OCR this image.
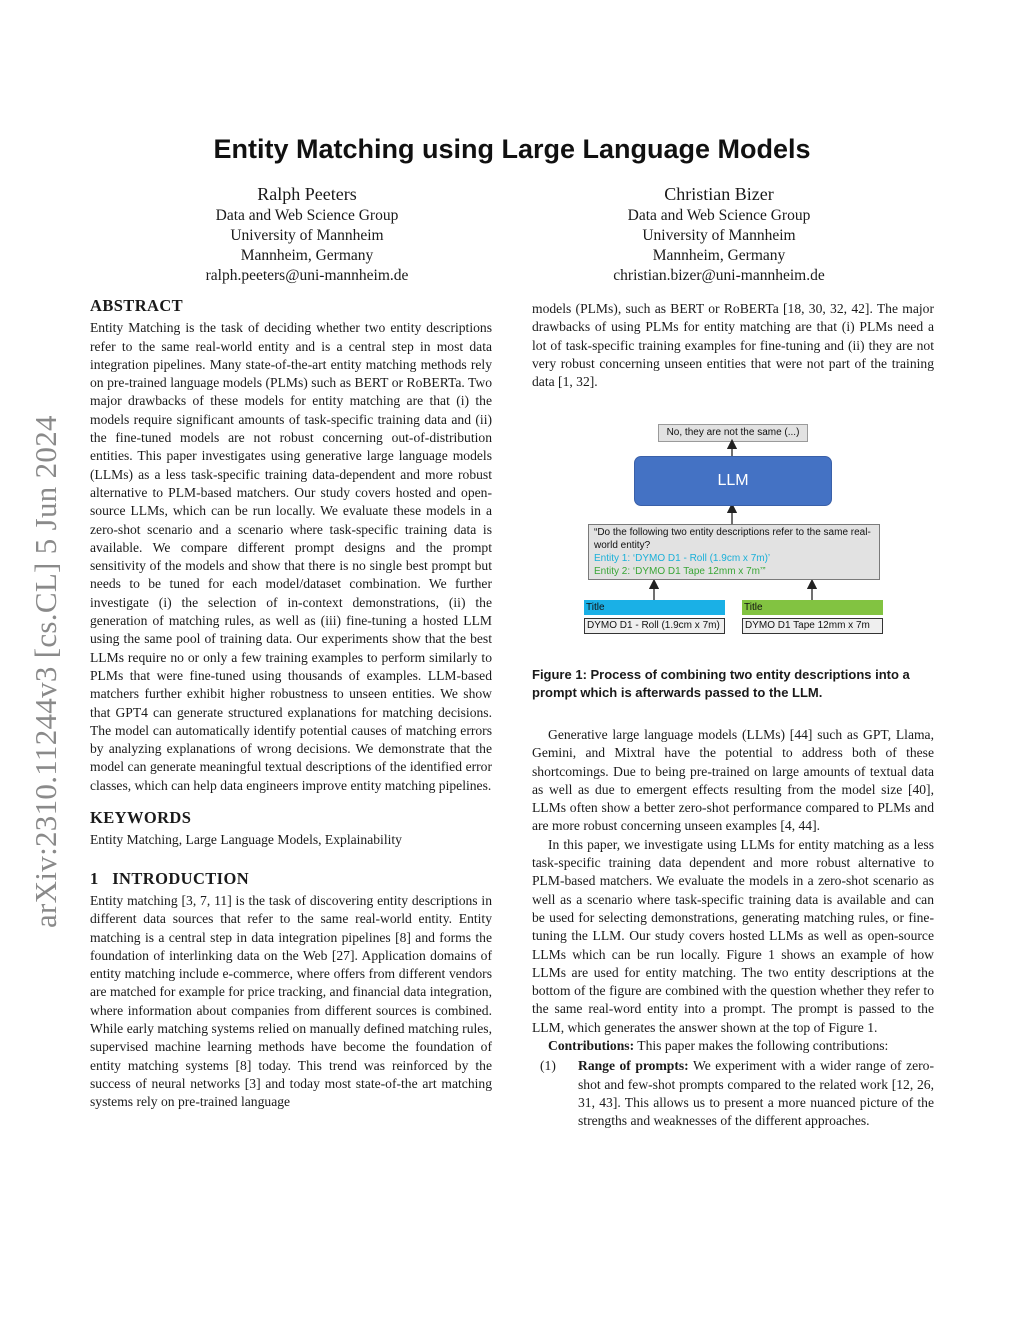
arXiv:2310.11244v3 [cs.CL] 5 Jun 2024
Entity Matching using Large Language Models
Ralph Peeters
Data and Web Science Group
University of Mannheim
Mannheim, Germany
ralph.peeters@uni-mannheim.de
Christian Bizer
Data and Web Science Group
University of Mannheim
Mannheim, Germany
christian.bizer@uni-mannheim.de
ABSTRACT

Entity Matching is the task of deciding whether two entity descriptions refer to the same real-world entity and is a central step in most data integration pipelines. Many state-of-the-art entity matching methods rely on pre-trained language models (PLMs) such as BERT or RoBERTa. Two major drawbacks of these models for entity matching are that (i) the models require significant amounts of task-specific training data and (ii) the fine-tuned models are not robust concerning out-of-distribution entities. This paper investigates using generative large language models (LLMs) as a less task-specific training data-dependent and more robust alternative to PLM-based matchers. Our study covers hosted and open-source LLMs, which can be run locally. We evaluate these models in a zero-shot scenario and a scenario where task-specific training data is available. We compare different prompt designs and the prompt sensitivity of the models and show that there is no single best prompt but needs to be tuned for each model/dataset combination. We further investigate (i) the selection of in-context demonstrations, (ii) the generation of matching rules, as well as (iii) fine-tuning a hosted LLM using the same pool of training data. Our experiments show that the best LLMs require no or only a few training examples to perform similarly to PLMs that were fine-tuned using thousands of examples. LLM-based matchers further exhibit higher robustness to unseen entities. We show that GPT4 can generate structured explanations for matching decisions. The model can automatically identify potential causes of matching errors by analyzing explanations of wrong decisions. We demonstrate that the model can generate meaningful textual descriptions of the identified error classes, which can help data engineers improve entity matching pipelines.

KEYWORDS

Entity Matching, Large Language Models, Explainability

1   INTRODUCTION

Entity matching [3, 7, 11] is the task of discovering entity descriptions in different data sources that refer to the same real-world entity. Entity matching is a central step in data integration pipelines [8] and forms the foundation of interlinking data on the Web [27]. Application domains of entity matching include e-commerce, where offers from different vendors are matched for example for price tracking, and financial data integration, where information about companies from different sources is combined. While early matching systems relied on manually defined matching rules, supervised machine learning methods have become the foundation of entity matching systems [8] today. This trend was reinforced by the success of neural networks [3] and today most state-of-the art matching systems rely on pre-trained language

models (PLMs), such as BERT or RoBERTa [18, 30, 32, 42]. The major drawbacks of using PLMs for entity matching are that (i) PLMs need a lot of task-specific training examples for fine-tuning and (ii) they are not very robust concerning unseen entities that were not part of the training data [1, 32].

No, they are not the same (...)
LLM
“Do the following two entity descriptions refer to the same real-world entity?
Entity 1: ‘DYMO D1 - Roll (1.9cm x 7m)’
Entity 2: ‘DYMO D1 Tape 12mm x 7m’”
Title	Title
DYMO D1 - Roll (1.9cm x 7m)	DYMO D1 Tape 12mm x 7m
Figure 1: Process of combining two entity descriptions into a prompt which is afterwards passed to the LLM.

Generative large language models (LLMs) [44] such as GPT, Llama, Gemini, and Mixtral have the potential to address both of these shortcomings. Due to being pre-trained on large amounts of textual data as well as due to emergent effects resulting from the model size [40], LLMs often show a better zero-shot performance compared to PLMs and are more robust concerning unseen examples [4, 44].

In this paper, we investigate using LLMs for entity matching as a less task-specific training data dependent and more robust alternative to PLM-based matchers. We evaluate the models in a zero-shot scenario as well as a scenario where task-specific training data is available and can be used for selecting demonstrations, generating matching rules, or fine-tuning the LLM. Our study covers hosted LLMs as well as open-source LLMs which can be run locally. Figure 1 shows an example of how LLMs are used for entity matching. The two entity descriptions at the bottom of the figure are combined with the question whether they refer to the same real-word entity into a prompt. The prompt is passed to the LLM, which generates the answer shown at the top of Figure 1.

Contributions: This paper makes the following contributions:

(1)	Range of prompts: We experiment with a wider range of zero-shot and few-shot prompts compared to the related work [12, 26, 31, 43]. This allows us to present a more nuanced picture of the strengths and weaknesses of the different approaches.
